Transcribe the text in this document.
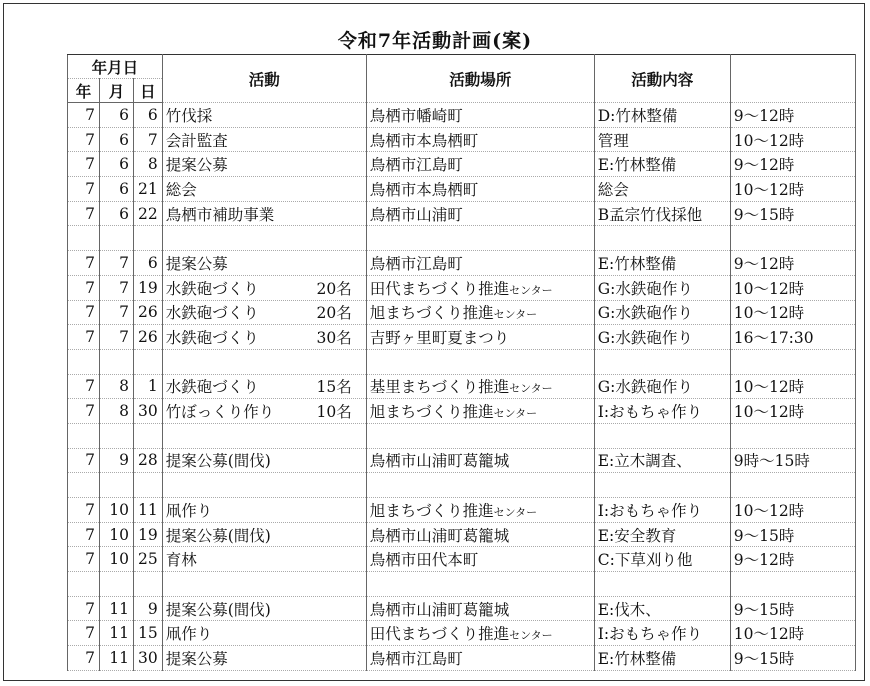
令和7年活動計画(案)
年月日			活動	活動場所	活動内容	
年	月	日				
7	6	6	竹伐採	鳥栖市幡崎町	D:竹林整備	9～12時
7	6	7	会計監査	鳥栖市本鳥栖町	管理	10～12時
7	6	8	提案公募	鳥栖市江島町	E:竹林整備	9～12時
7	6	21	総会	鳥栖市本鳥栖町	総会	10～12時
7	6	22	鳥栖市補助事業	鳥栖市山浦町	B孟宗竹伐採他	9～15時

7	7	6	提案公募	鳥栖市江島町	E:竹林整備	9～12時
7	7	19	水鉄砲づくり 20名	田代まちづくり推進センター	G:水鉄砲作り	10～12時
7	7	26	水鉄砲づくり 20名	旭まちづくり推進センター	G:水鉄砲作り	10～12時
7	7	26	水鉄砲づくり 30名	吉野ヶ里町夏まつり	G:水鉄砲作り	16～17:30

7	8	1	水鉄砲づくり 15名	基里まちづくり推進センター	G:水鉄砲作り	10～12時
7	8	30	竹ぼっくり作り 10名	旭まちづくり推進センター	I:おもちゃ作り	10～12時

7	9	28	提案公募(間伐)	鳥栖市山浦町葛籠城	E:立木調査、	9時～15時

7	10	11	凧作り	旭まちづくり推進センター	I:おもちゃ作り	10～12時
7	10	19	提案公募(間伐)	鳥栖市山浦町葛籠城	E:安全教育	9～15時
7	10	25	育林	鳥栖市田代本町	C:下草刈り他	9～12時

7	11	9	提案公募(間伐)	鳥栖市山浦町葛籠城	E:伐木、	9～15時
7	11	15	凧作り	田代まちづくり推進センター	I:おもちゃ作り	10～12時
7	11	30	提案公募	鳥栖市江島町	E:竹林整備	9～15時
